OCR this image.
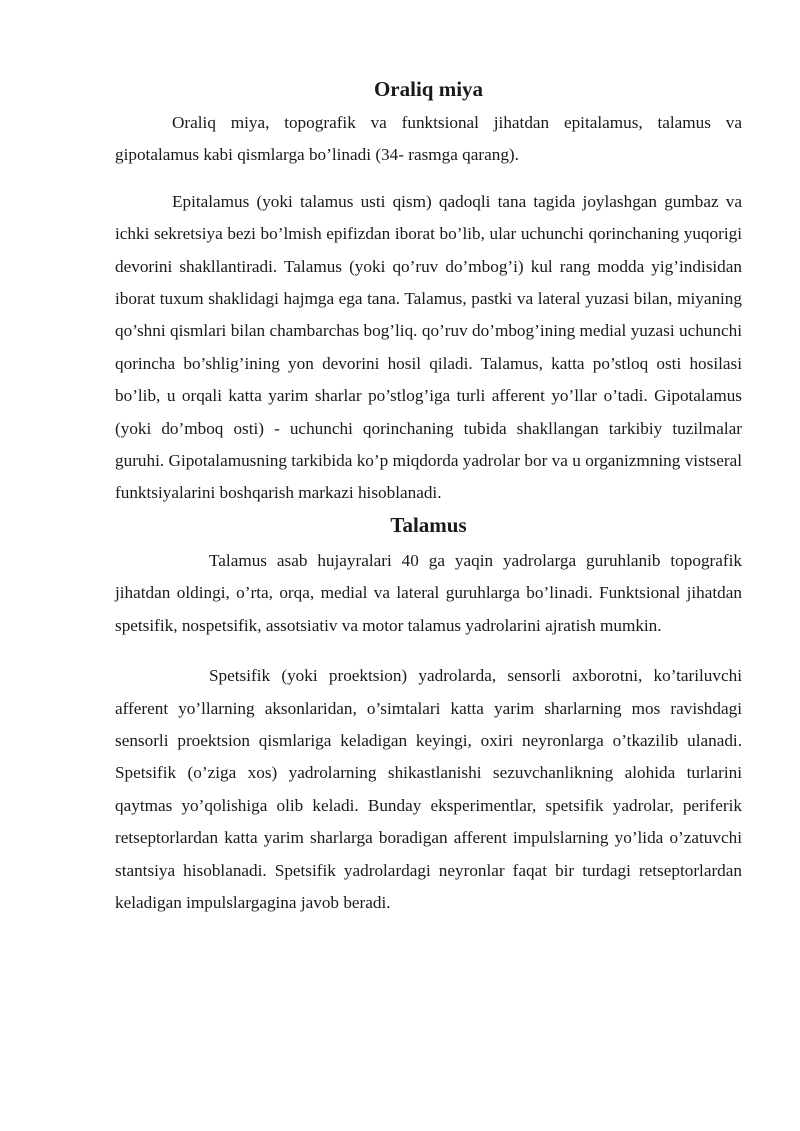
Oraliq miya

Oraliq miya, topografik va funktsional jihatdan epitalamus, talamus va gipotalamus kabi qismlarga bo’linadi (34- rasmga qarang).

Epitalamus (yoki talamus usti qism) qadoqli tana tagida joylashgan gumbaz va ichki sekretsiya bezi bo’lmish epifizdan iborat bo’lib, ular uchunchi qorinchaning yuqorigi devorini shakllantiradi. Talamus (yoki qo’ruv do’mbog’i) kul rang modda yig’indisidan iborat tuxum shaklidagi hajmga ega tana. Talamus, pastki va lateral yuzasi bilan, miyaning qo’shni qismlari bilan chambarchas bog’liq. qo’ruv do’mbog’ining medial yuzasi uchunchi qorincha bo’shlig’ining yon devorini hosil qiladi. Talamus, katta po’stloq osti hosilasi bo’lib, u orqali katta yarim sharlar po’stlog’iga turli afferent yo’llar o’tadi. Gipotalamus (yoki do’mboq osti) - uchunchi qorinchaning tubida shakllangan tarkibiy tuzilmalar guruhi. Gipotalamusning tarkibida ko’p miqdorda yadrolar bor va u organizmning vistseral funktsiyalarini boshqarish markazi hisoblanadi.

Talamus

Talamus asab hujayralari 40 ga yaqin yadrolarga guruhlanib topografik jihatdan oldingi, o’rta, orqa, medial va lateral guruhlarga bo’linadi. Funktsional jihatdan spetsifik, nospetsifik, assotsiativ va motor talamus yadrolarini ajratish mumkin.

Spetsifik (yoki proektsion) yadrolarda, sensorli axborotni, ko’tariluvchi afferent yo’llarning aksonlaridan, o’simtalari katta yarim sharlarning mos ravishdagi sensorli proektsion qismlariga keladigan keyingi, oxiri neyronlarga o’tkazilib ulanadi. Spetsifik (o’ziga xos) yadrolarning shikastlanishi sezuvchanlikning alohida turlarini qaytmas yo’qolishiga olib keladi. Bunday eksperimentlar, spetsifik yadrolar, periferik retseptorlardan katta yarim sharlarga boradigan afferent impulslarning yo’lida o’zatuvchi stantsiya hisoblanadi. Spetsifik yadrolardagi neyronlar faqat bir turdagi retseptorlardan keladigan impulslargagina javob beradi.
